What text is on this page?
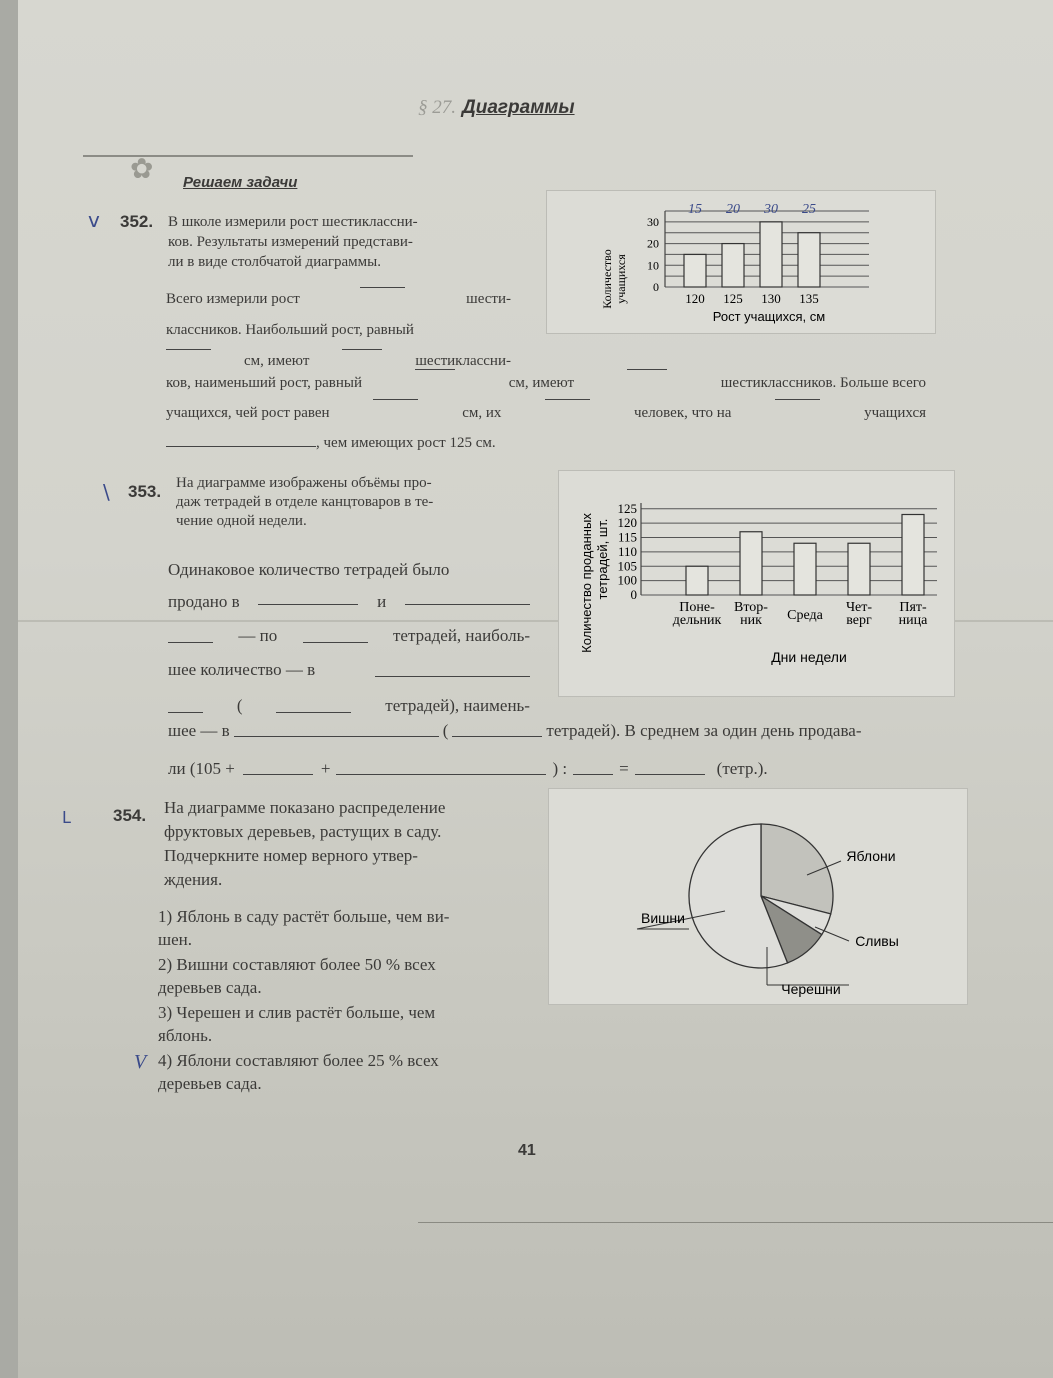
§ 27. Диаграммы
✿ Решаем задачи
v 352. В школе измерили рост шестиклассни-
ков. Результаты измерений представи-
ли в виде столбчатой диаграммы.
Всего измерили рост	шести-
классников. Наибольший рост, равный
см, имеют	шестиклассни-
ков, наименьший рост, равный	см, имеют	шестиклассников. Больше всего
учащихся, чей рост равен	см, их	человек, что на	учащихся
, чем имеющих рост 125 см.
0
10
20
30
120 125 130 135
15 20 30 25
Количество учащихся
Рост учащихся, см
\ 353. На диаграмме изображены объёмы про-
даж тетрадей в отделе канцтоваров в те-
чение одной недели.
Одинаковое количество тетрадей было
продано в	и
— по	тетрадей, наиболь-
шее количество — в
(	тетрадей), наимень-
шее — в	(	тетрадей). В среднем за один день продава-
ли (105 +	+	) :	=	(тетр.).
0
100
105
110
115
120
125
Поне-
дельник
Втор-
ник Среда
Чет-
верг
Пят-
ница
Количество проданных тетрадей, шт.
Дни недели
ᒪ 354. На диаграмме показано распределение
фруктовых деревьев, растущих в саду.
Подчеркните номер верного утвер-
ждения.
1) Яблонь в саду растёт больше, чем ви-
шен.
2) Вишни составляют более 50 % всех
деревьев сада.
3) Черешен и слив растёт больше, чем
яблонь.
V 4) Яблони составляют более 25 % всех
деревьев сада.
Яблони
Сливы
Черешни
Вишни
41
